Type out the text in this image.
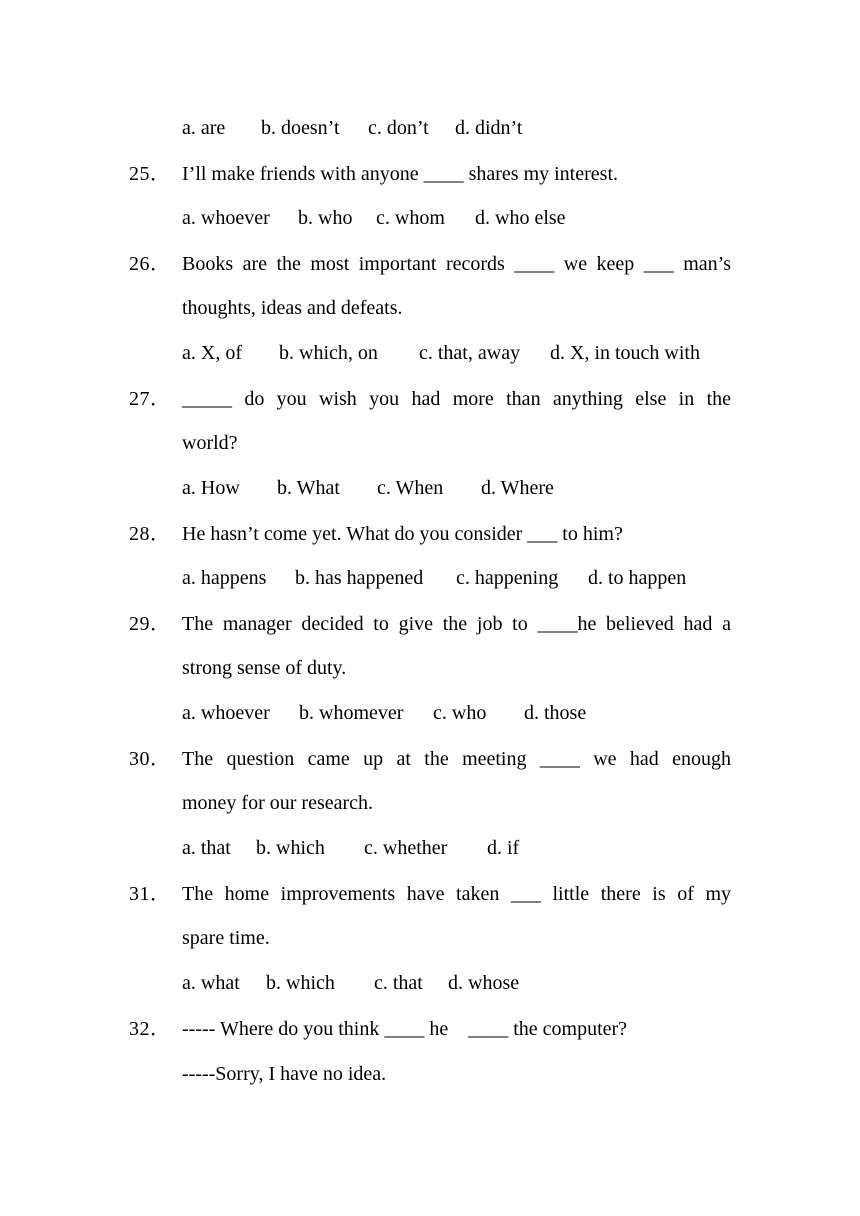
a. are

b. doesn’t

c. don’t

d. didn’t

25． I’ll make friends with anyone ____ shares my interest.

a. whoever

b. who

c. whom

d. who else

26． Books are the most important records ____ we keep ___ man’s
thoughts, ideas and defeats.

a. X, of

b. which, on

c. that, away

d. X, in touch with

27． _____ do you wish you had more than anything else in the
world?

a. How

b. What

c. When

d. Where

28． He hasn’t come yet. What do you consider ___ to him?

a. happens

b. has happened

c. happening

d. to happen

29． The manager decided to give the job to ____he believed had a
strong sense of duty.

a. whoever

b. whomever

c. who

d. those

30． The question came up at the meeting ____ we had enough
money for our research.

a. that

b. which

c. whether

d. if

31． The home improvements have taken ___ little there is of my
spare time.

a. what

b. which

c. that

d. whose

32． ----- Where do you think ____ he    ____ the computer?
-----Sorry, I have no idea.
